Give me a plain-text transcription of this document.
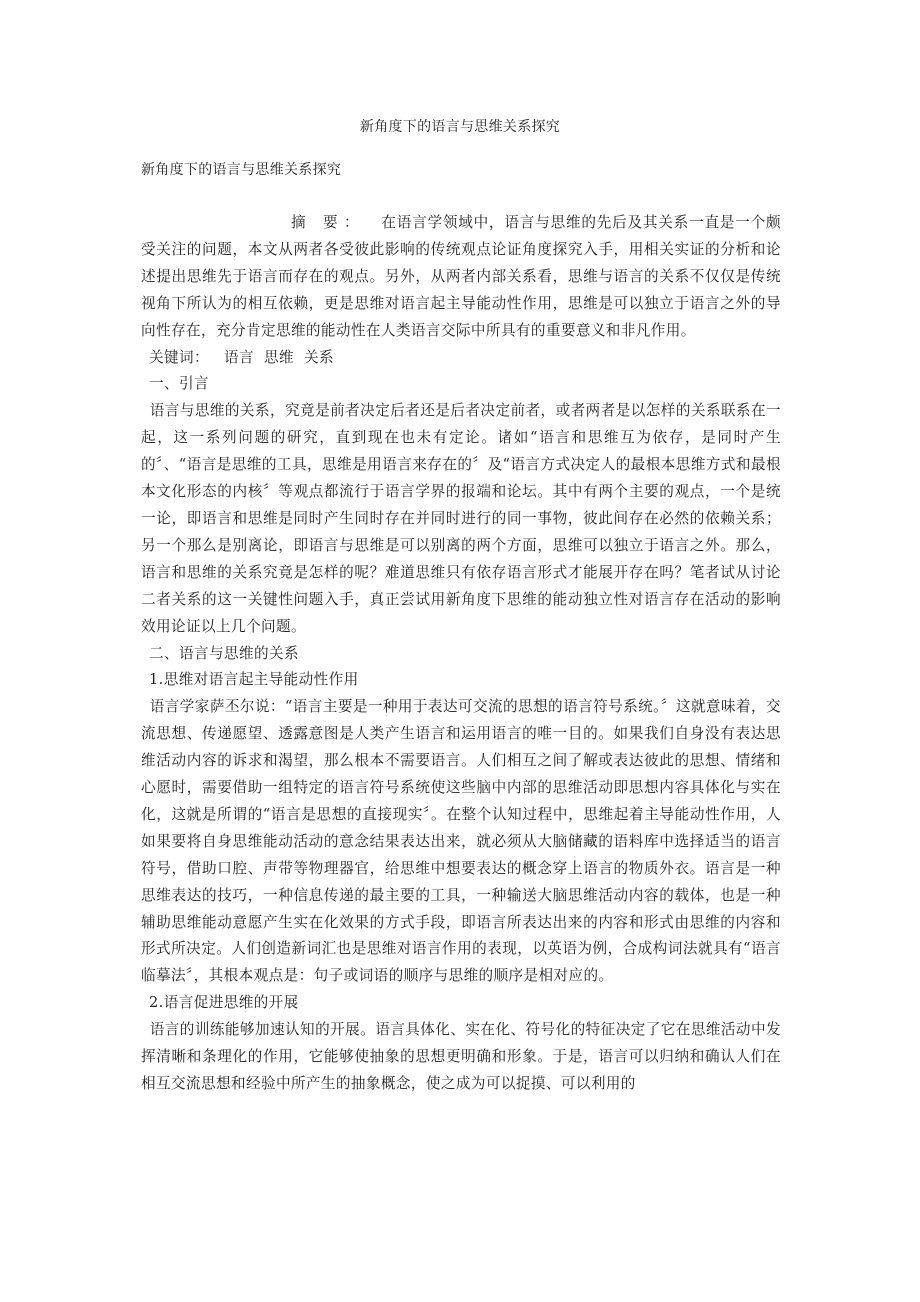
新角度下的语言与思维关系探究
新角度下的语言与思维关系探究

摘 要： 在语言学领域中，语言与思维的先后及其关系一直是一个颇受关注的问题，本文从两者各受彼此影响的传统观点论证角度探究入手，用相关实证的分析和论述提出思维先于语言而存在的观点。另外，从两者内部关系看，思维与语言的关系不仅仅是传统视角下所认为的相互依赖，更是思维对语言起主导能动性作用，思维是可以独立于语言之外的导向性存在，充分肯定思维的能动性在人类语言交际中所具有的重要意义和非凡作用。

关键词： 语言 思维 关系

一、引言

语言与思维的关系，究竟是前者决定后者还是后者决定前者，或者两者是以怎样的关系联系在一起，这一系列问题的研究，直到现在也未有定论。诸如“语言和思维互为依存，是同时产生的〞、“语言是思维的工具，思维是用语言来存在的〞及“语言方式决定人的最根本思维方式和最根本文化形态的内核〞等观点都流行于语言学界的报端和论坛。其中有两个主要的观点，一个是统一论，即语言和思维是同时产生同时存在并同时进行的同一事物，彼此间存在必然的依赖关系；另一个那么是别离论，即语言与思维是可以别离的两个方面，思维可以独立于语言之外。那么，语言和思维的关系究竟是怎样的呢？难道思维只有依存语言形式才能展开存在吗？笔者试从讨论二者关系的这一关键性问题入手，真正尝试用新角度下思维的能动独立性对语言存在活动的影响效用论证以上几个问题。

二、语言与思维的关系

1.思维对语言起主导能动性作用

语言学家萨丕尔说：“语言主要是一种用于表达可交流的思想的语言符号系统。〞这就意味着，交流思想、传递愿望、透露意图是人类产生语言和运用语言的唯一目的。如果我们自身没有表达思维活动内容的诉求和渴望，那么根本不需要语言。人们相互之间了解或表达彼此的思想、情绪和心愿时，需要借助一组特定的语言符号系统使这些脑中内部的思维活动即思想内容具体化与实在化，这就是所谓的“语言是思想的直接现实〞。在整个认知过程中，思维起着主导能动性作用，人如果要将自身思维能动活动的意念结果表达出来，就必须从大脑储藏的语料库中选择适当的语言符号，借助口腔、声带等物理器官，给思维中想要表达的概念穿上语言的物质外衣。语言是一种思维表达的技巧，一种信息传递的最主要的工具，一种输送大脑思维活动内容的载体，也是一种辅助思维能动意愿产生实在化效果的方式手段，即语言所表达出来的内容和形式由思维的内容和形式所决定。人们创造新词汇也是思维对语言作用的表现，以英语为例，合成构词法就具有“语言临摹法〞，其根本观点是：句子或词语的顺序与思维的顺序是相对应的。

2.语言促进思维的开展

语言的训练能够加速认知的开展。语言具体化、实在化、符号化的特征决定了它在思维活动中发挥清晰和条理化的作用，它能够使抽象的思想更明确和形象。于是，语言可以归纳和确认人们在相互交流思想和经验中所产生的抽象概念，使之成为可以捉摸、可以利用的
